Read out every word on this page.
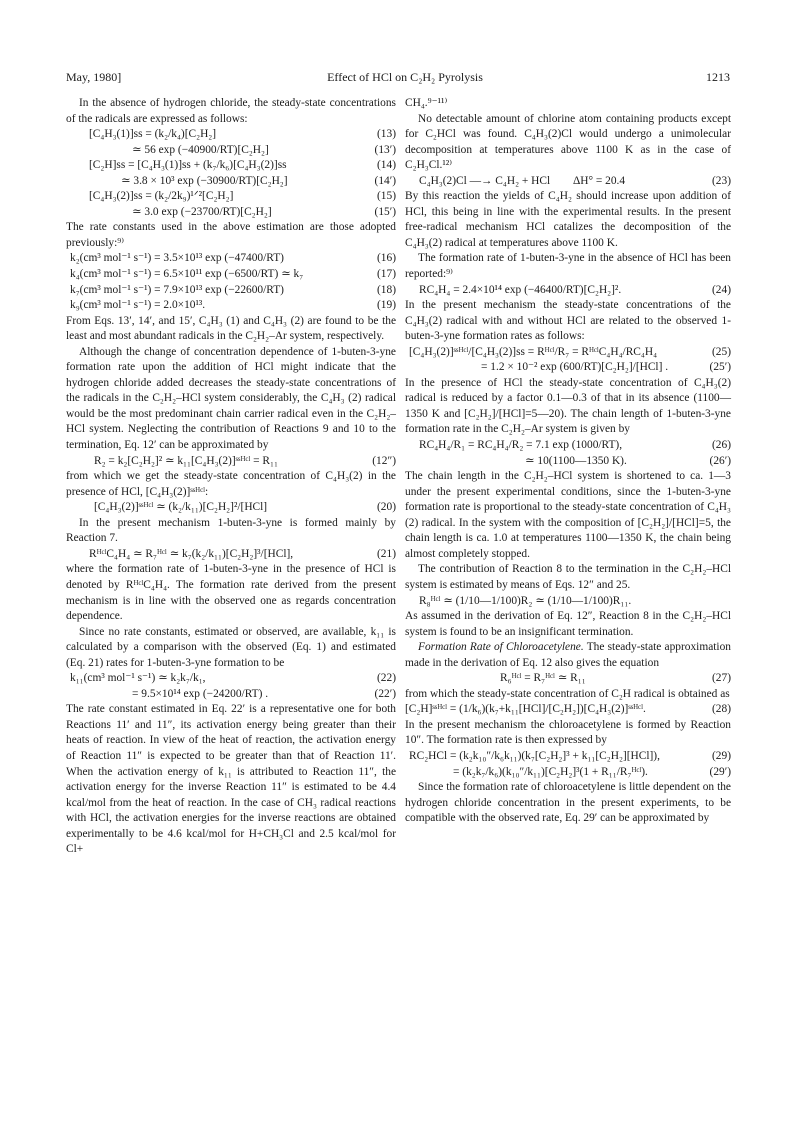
May, 1980]	Effect of HCl on C₂H₂ Pyrolysis	1213

In the absence of hydrogen chloride, the steady-state concentrations of the radicals are expressed as follows:

[C₄H₃(1)]ss = (k₂/k₄)[C₂H₂]	(13)
≃ 56 exp (−40900/RT)[C₂H₂]	(13′)
[C₂H]ss = [C₄H₃(1)]ss + (k₇/k₆)[C₄H₃(2)]ss	(14)
≃ 3.8 × 10³ exp (−30900/RT)[C₂H₂]	(14′)
[C₄H₃(2)]ss = (k₂/2k₉)¹ᐟ²[C₂H₂]	(15)
≃ 3.0 exp (−23700/RT)[C₂H₂]	(15′)

The rate constants used in the above estimation are those adopted previously:⁹⁾

k₂(cm³ mol⁻¹ s⁻¹) = 3.5×10¹³ exp (−47400/RT)	(16)
k₄(cm³ mol⁻¹ s⁻¹) = 6.5×10¹¹ exp (−6500/RT) ≃ k₇	(17)
k₇(cm³ mol⁻¹ s⁻¹) = 7.9×10¹³ exp (−22600/RT)	(18)
k₉(cm³ mol⁻¹ s⁻¹) = 2.0×10¹³.	(19)

From Eqs. 13′, 14′, and 15′, C₄H₃ (1) and C₄H₃ (2) are found to be the least and most abundant radicals in the C₂H₂–Ar system, respectively.

Although the change of concentration dependence of 1-buten-3-yne formation rate upon the addition of HCl might indicate that the hydrogen chloride added decreases the steady-state concentrations of the radicals in the C₂H₂–HCl system considerably, the C₄H₃ (2) radical would be the most predominant chain carrier radical even in the C₂H₂–HCl system. Neglecting the contribution of Reactions 9 and 10 to the termination, Eq. 12′ can be approximated by

R₂ = k₂[C₂H₂]² ≃ k₁₁[C₄H₃(2)]ˢˢᴴᶜˡ = R₁₁	(12″)

from which we get the steady-state concentration of C₄H₃(2) in the presence of HCl, [C₄H₃(2)]ˢˢᴴᶜˡ:

[C₄H₃(2)]ˢˢᴴᶜˡ ≃ (k₂/k₁₁)[C₂H₂]²/[HCl]	(20)

In the present mechanism 1-buten-3-yne is formed mainly by Reaction 7.

RᴴᶜˡC₄H₄ ≃ R₇ᴴᶜˡ ≃ k₇(k₂/k₁₁)[C₂H₂]³/[HCl],	(21)

where the formation rate of 1-buten-3-yne in the presence of HCl is denoted by RᴴᶜˡC₄H₄. The formation rate derived from the present mechanism is in line with the observed one as regards concentration dependence.

Since no rate constants, estimated or observed, are available, k₁₁ is calculated by a comparison with the observed (Eq. 1) and estimated (Eq. 21) rates for 1-buten-3-yne formation to be

k₁₁(cm³ mol⁻¹ s⁻¹) ≃ k₂k₇/k₁,	(22)
= 9.5×10¹⁴ exp (−24200/RT) .	(22′)

The rate constant estimated in Eq. 22′ is a representative one for both Reactions 11′ and 11″, its activation energy being greater than their heats of reaction. In view of the heat of reaction, the activation energy of Reaction 11″ is expected to be greater than that of Reaction 11′. When the activation energy of k₁₁ is attributed to Reaction 11″, the activation energy for the inverse Reaction 11″ is estimated to be 4.4 kcal/mol from the heat of reaction. In the case of CH₃ radical reactions with HCl, the activation energies for the inverse reactions are obtained experimentally to be 4.6 kcal/mol for H+CH₃Cl and 2.5 kcal/mol for Cl+

CH₄.⁹⁻¹¹⁾

No detectable amount of chlorine atom containing products except for C₂HCl was found. C₄H₃(2)Cl would undergo a unimolecular decomposition at temperatures above 1100 K as in the case of C₂H₃Cl.¹²⁾

C₄H₃(2)Cl —→ C₄H₂ + HCl  ΔH° = 20.4	(23)

By this reaction the yields of C₄H₂ should increase upon addition of HCl, this being in line with the experimental results. In the present free-radical mechanism HCl catalizes the decomposition of the C₄H₃(2) radical at temperatures above 1100 K.

The formation rate of 1-buten-3-yne in the absence of HCl has been reported:⁹⁾

RC₄H₄ = 2.4×10¹⁴ exp (−46400/RT)[C₂H₂]².	(24)

In the present mechanism the steady-state concentrations of the C₄H₃(2) radical with and without HCl are related to the observed 1-buten-3-yne formation rates as follows:

[C₄H₃(2)]ˢˢᴴᶜˡ/[C₄H₃(2)]ss = Rᴴᶜˡ/R₇ = RᴴᶜˡC₄H₄/RC₄H₄	(25)
= 1.2 × 10⁻² exp (600/RT)[C₂H₂]/[HCl] .	(25′)

In the presence of HCl the steady-state concentration of C₄H₃(2) radical is reduced by a factor 0.1—0.3 of that in its absence (1100—1350 K and [C₂H₂]/[HCl]=5—20). The chain length of 1-buten-3-yne formation rate in the C₂H₂–Ar system is given by

RC₄H₄/R₁ = RC₄H₄/R₂ = 7.1 exp (1000/RT),	(26)
≃ 10(1100—1350 K).	(26′)

The chain length in the C₂H₂–HCl system is shortened to ca. 1—3 under the present experimental conditions, since the 1-buten-3-yne formation rate is proportional to the steady-state concentration of C₄H₃ (2) radical. In the system with the composition of [C₂H₂]/[HCl]=5, the chain length is ca. 1.0 at temperatures 1100—1350 K, the chain being almost completely stopped.

The contribution of Reaction 8 to the termination in the C₂H₂–HCl system is estimated by means of Eqs. 12″ and 25.

R₈ᴴᶜˡ ≃ (1/10—1/100)R₂ ≃ (1/10—1/100)R₁₁.

As assumed in the derivation of Eq. 12″, Reaction 8 in the C₂H₂–HCl system is found to be an insignificant termination.

Formation Rate of Chloroacetylene. The steady-state approximation made in the derivation of Eq. 12 also gives the equation

R₆ᴴᶜˡ = R₇ᴴᶜˡ ≃ R₁₁	(27)

from which the steady-state concentration of C₂H radical is obtained as

[C₂H]ˢˢᴴᶜˡ = (1/k₆)(k₇+k₁₁[HCl]/[C₂H₂])[C₄H₃(2)]ˢˢᴴᶜˡ.	(28)

In the present mechanism the chloroacetylene is formed by Reaction 10″. The formation rate is then expressed by

RC₂HCl = (k₂k₁₀″/k₆k₁₁)(k₇[C₂H₂]³ + k₁₁[C₂H₂][HCl]),	(29)
= (k₂k₇/k₆)(k₁₀″/k₁₁)[C₂H₂]³(1 + R₁₁/R₇ᴴᶜˡ).	(29′)

Since the formation rate of chloroacetylene is little dependent on the hydrogen chloride concentration in the present experiments, to be compatible with the observed rate, Eq. 29′ can be approximated by
